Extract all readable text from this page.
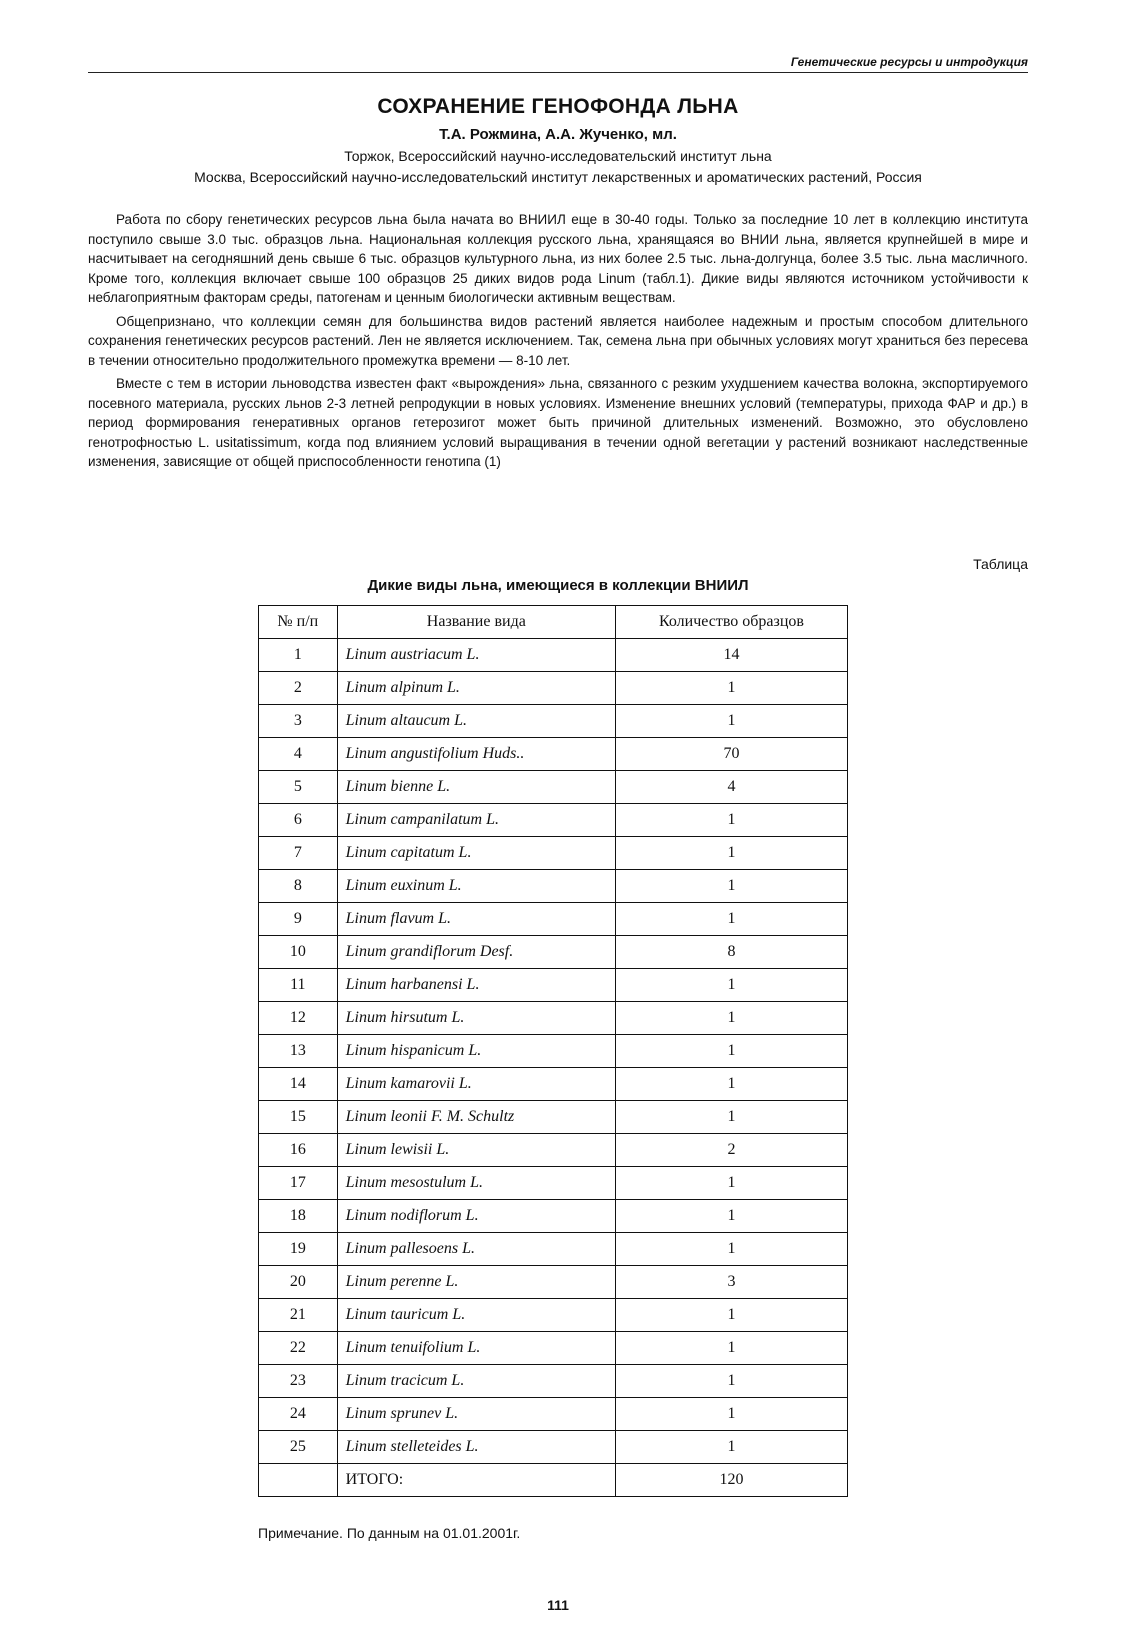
Генетические ресурсы и интродукция
СОХРАНЕНИЕ ГЕНОФОНДА ЛЬНА
Т.А. Рожмина, А.А. Жученко, мл.
Торжок, Всероссийский научно-исследовательский институт льна
Москва, Всероссийский научно-исследовательский институт лекарственных и ароматических растений, Россия

Работа по сбору генетических ресурсов льна была начата во ВНИИЛ еще в 30-40 годы. Только за последние 10 лет в коллекцию института поступило свыше 3.0 тыс. образцов льна. Национальная коллекция русского льна, хранящаяся во ВНИИ льна, является крупнейшей в мире и насчитывает на сегодняшний день свыше 6 тыс. образцов культурного льна, из них более 2.5 тыс. льна-долгунца, более 3.5 тыс. льна масличного. Кроме того, коллекция включает свыше 100 образцов 25 диких видов рода Linum (табл.1). Дикие виды являются источником устойчивости к неблагоприятным факторам среды, патогенам и ценным биологически активным веществам.

Общепризнано, что коллекции семян для большинства видов растений является наиболее надежным и простым способом длительного сохранения генетических ресурсов растений. Лен не является исключением. Так, семена льна при обычных условиях могут храниться без пересева в течении относительно продолжительного промежутка времени — 8-10 лет.

Вместе с тем в истории льноводства известен факт «вырождения» льна, связанного с резким ухудшением качества волокна, экспортируемого посевного материала, русских льнов 2-3 летней репродукции в новых условиях. Изменение внешних условий (температуры, прихода ФАР и др.) в период формирования генеративных органов гетерозигот может быть причиной длительных изменений. Возможно, это обусловлено генотрофностью L. usitatissimum, когда под влиянием условий выращивания в течении одной вегетации у растений возникают наследственные изменения, зависящие от общей приспособленности генотипа (1)

Таблица
Дикие виды льна, имеющиеся в коллекции ВНИИЛ
№ п/п	Название вида	Количество образцов
1	Linum austriacum L.	14
2	Linum alpinum L.	1
3	Linum altaucum L.	1
4	Linum angustifolium Huds..	70
5	Linum bienne L.	4
6	Linum campanilatum L.	1
7	Linum capitatum L.	1
8	Linum euxinum L.	1
9	Linum flavum L.	1
10	Linum grandiflorum Desf.	8
11	Linum harbanensi L.	1
12	Linum hirsutum L.	1
13	Linum hispanicum L.	1
14	Linum kamarovii L.	1
15	Linum leonii F. M. Schultz	1
16	Linum lewisii L.	2
17	Linum mesostulum L.	1
18	Linum nodiflorum L.	1
19	Linum pallesoens L.	1
20	Linum perenne L.	3
21	Linum tauricum L.	1
22	Linum tenuifolium L.	1
23	Linum tracicum L.	1
24	Linum sprunev L.	1
25	Linum stelleteides L.	1
	ИТОГО:	120
Примечание. По данным на 01.01.2001г.
111
